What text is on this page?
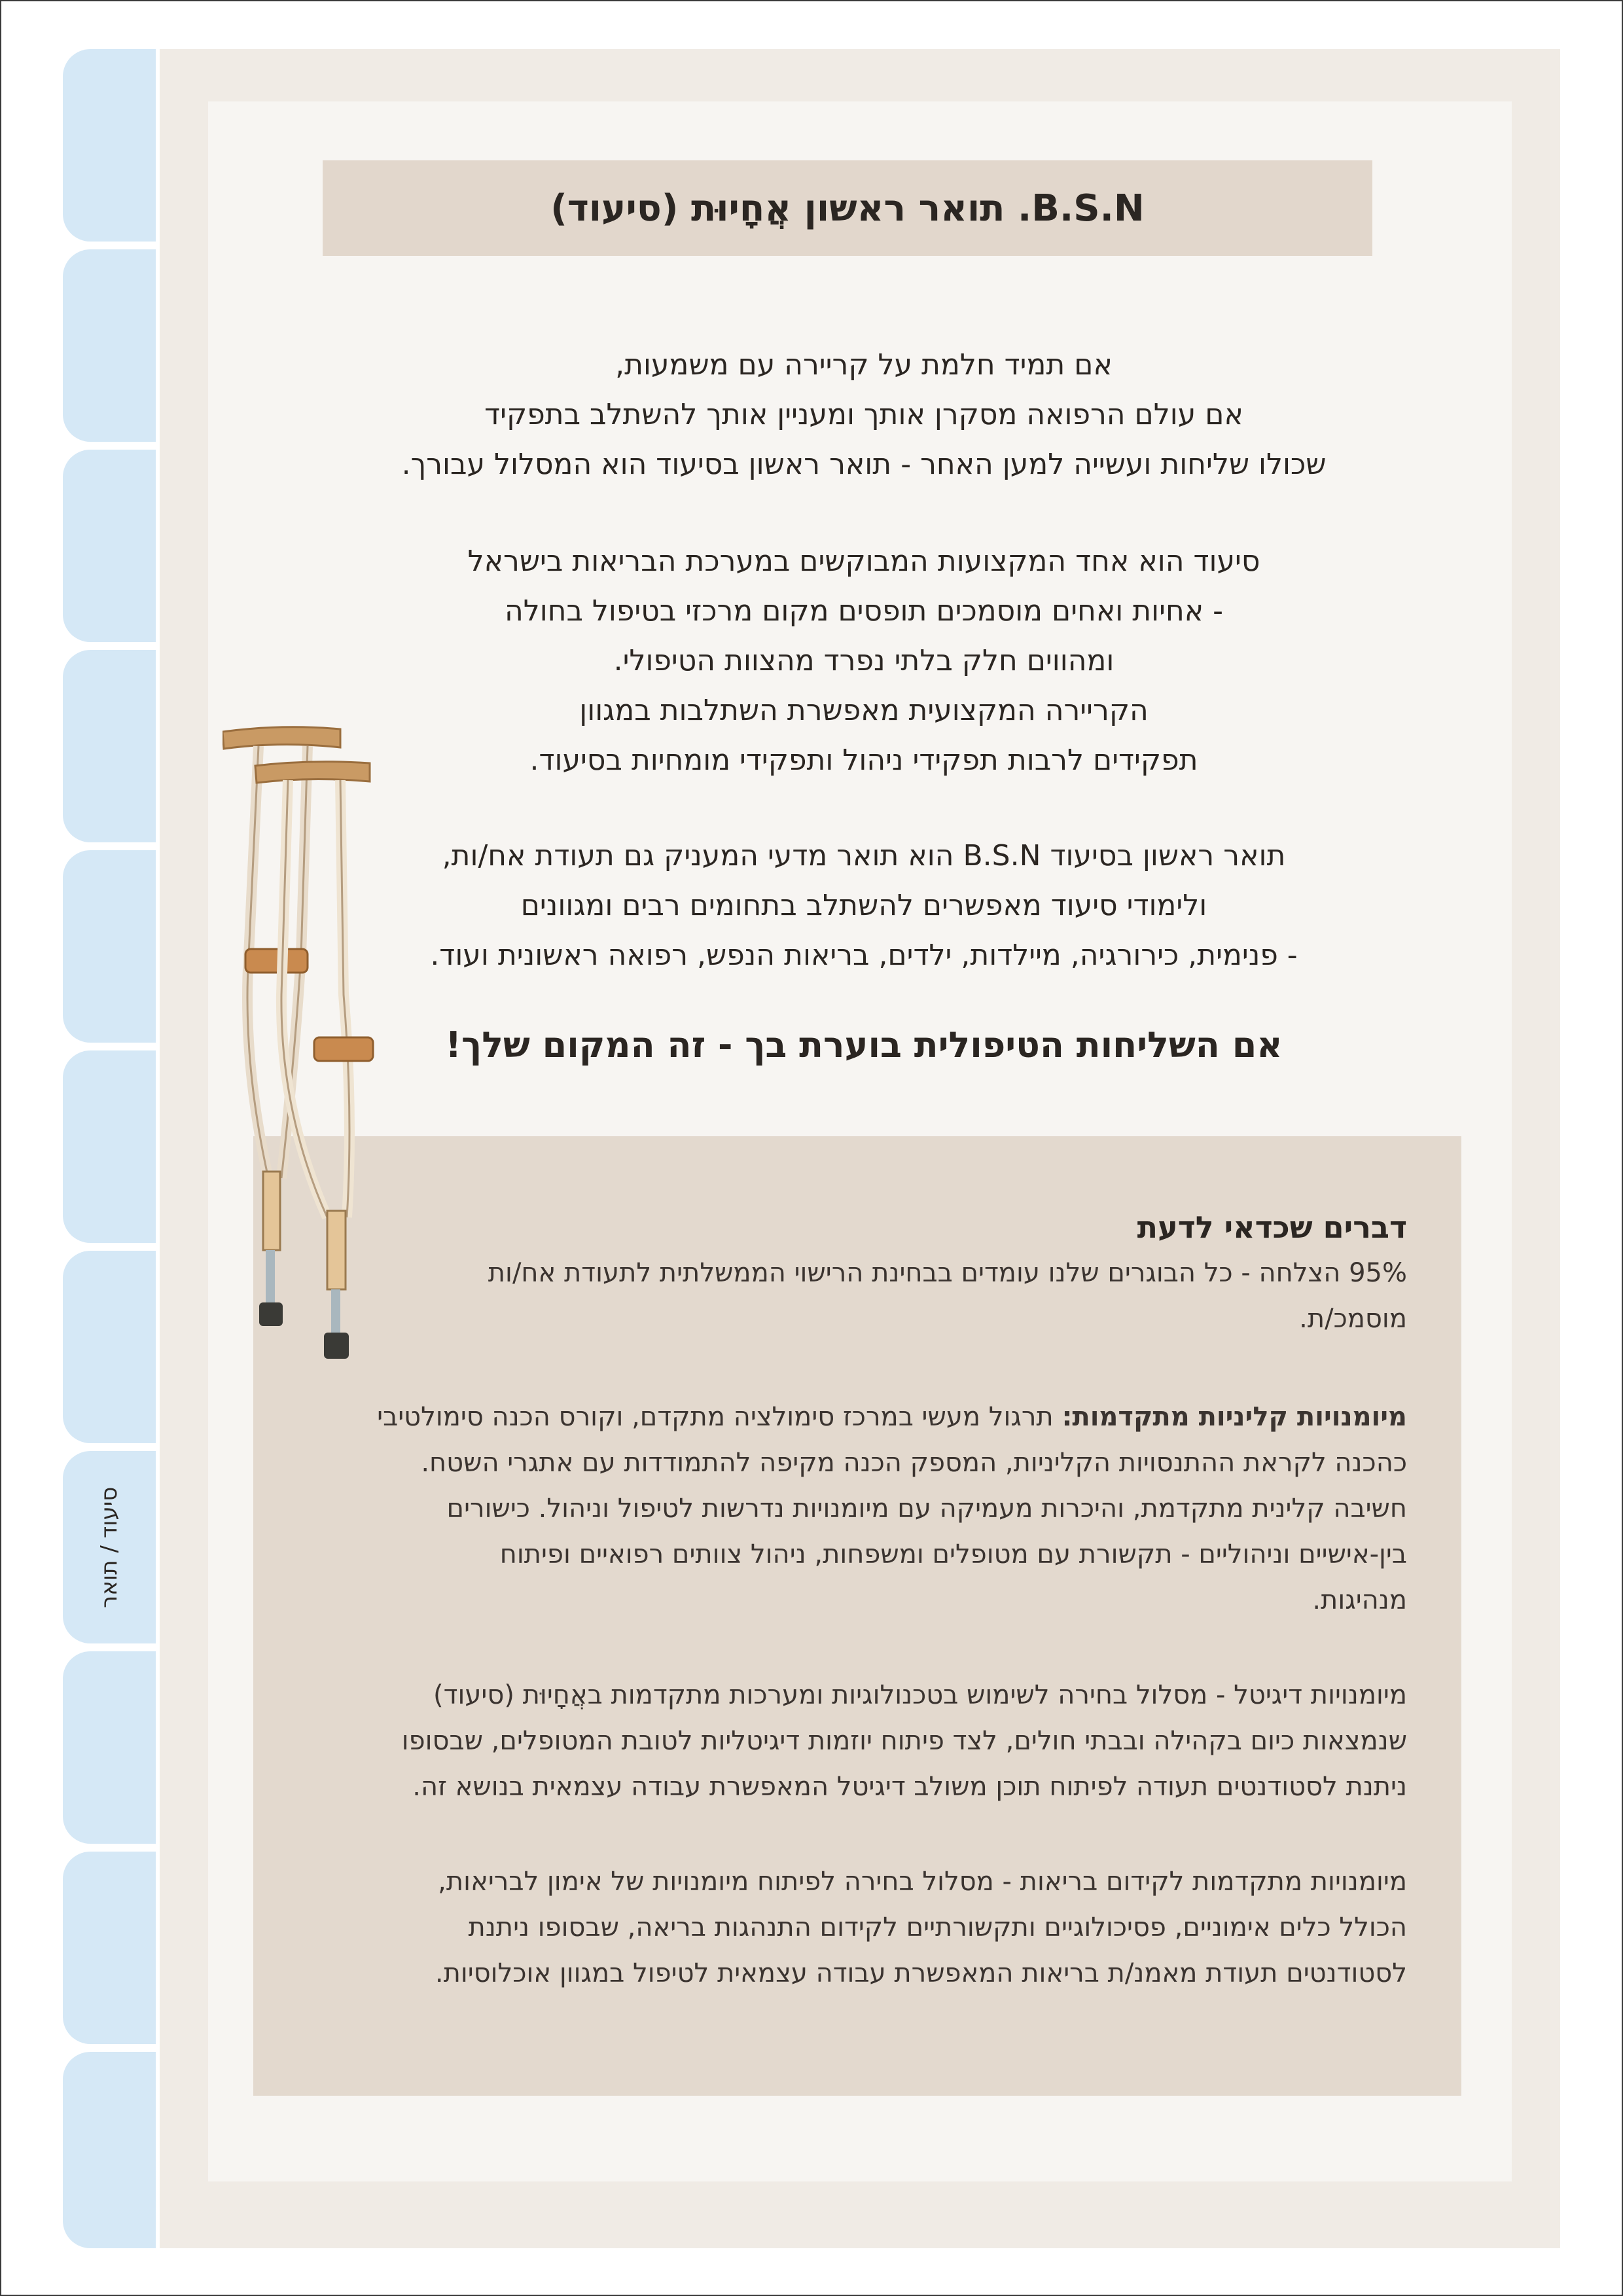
סיעוד / תואר
B.S.N. תואר ראשון אֲחָיוּת (סיעוד)

אם תמיד חלמת על קריירה עם משמעות,

אם עולם הרפואה מסקרן אותך ומעניין אותך להשתלב בתפקיד

שכולו שליחות ועשייה למען האחר - תואר ראשון בסיעוד הוא המסלול עבורך.

סיעוד הוא אחד המקצועות המבוקשים במערכת הבריאות בישראל

- אחיות ואחים מוסמכים תופסים מקום מרכזי בטיפול בחולה

ומהווים חלק בלתי נפרד מהצוות הטיפולי.

הקריירה המקצועית מאפשרת השתלבות במגוון

תפקידים לרבות תפקידי ניהול ותפקידי מומחיות בסיעוד.

תואר ראשון בסיעוד B.S.N הוא תואר מדעי המעניק גם תעודת אח/ות,

ולימודי סיעוד מאפשרים להשתלב בתחומים רבים ומגוונים

- פנימית, כירורגיה, מיילדות, ילדים, בריאות הנפש, רפואה ראשונית ועוד.

אם השליחות הטיפולית בוערת בך - זה המקום שלך!

דברים שכדאי לדעת

95% הצלחה - כל הבוגרים שלנו עומדים בבחינת הרישוי הממשלתית לתעודת אח/ות

מוסמכ/ת.

מיומנויות קליניות מתקדמות: תרגול מעשי במרכז סימולציה מתקדם, וקורס הכנה סימולטיבי

כהכנה לקראת ההתנסויות הקליניות, המספק הכנה מקיפה להתמודדות עם אתגרי השטח.

חשיבה קלינית מתקדמת, והיכרות מעמיקה עם מיומנויות נדרשות לטיפול וניהול. כישורים

בין-אישיים וניהוליים - תקשורת עם מטופלים ומשפחות, ניהול צוותים רפואיים ופיתוח

מנהיגות.

מיומנויות דיגיטל - מסלול בחירה לשימוש בטכנולוגיות ומערכות מתקדמות באֲחָיוּת (סיעוד)

שנמצאות כיום בקהילה ובבתי חולים, לצד פיתוח יוזמות דיגיטליות לטובת המטופלים, שבסופו

ניתנת לסטודנטים תעודה לפיתוח תוכן משולב דיגיטל המאפשרת עבודה עצמאית בנושא זה.

מיומנויות מתקדמות לקידום בריאות - מסלול בחירה לפיתוח מיומנויות של אימון לבריאות,

הכולל כלים אימוניים, פסיכולוגיים ותקשורתיים לקידום התנהגות בריאה, שבסופו ניתנת

לסטודנטים תעודת מאמנ/ת בריאות המאפשרת עבודה עצמאית לטיפול במגוון אוכלוסיות.
